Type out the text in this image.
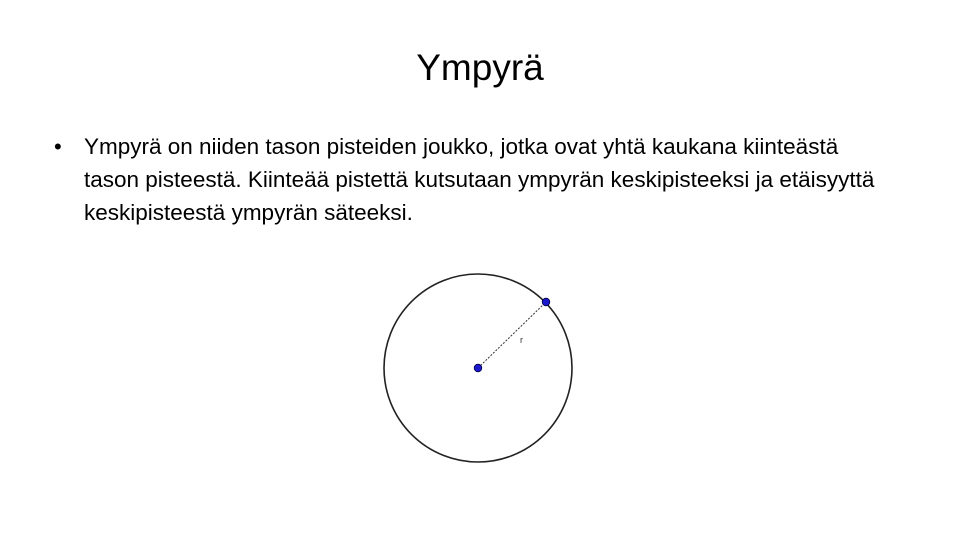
Ympyrä
• Ympyrä on niiden tason pisteiden joukko, jotka ovat yhtä kaukana kiinteästä tason pisteestä. Kiinteää pistettä kutsutaan ympyrän keskipisteeksi ja etäisyyttä keskipisteestä ympyrän säteeksi.
r
